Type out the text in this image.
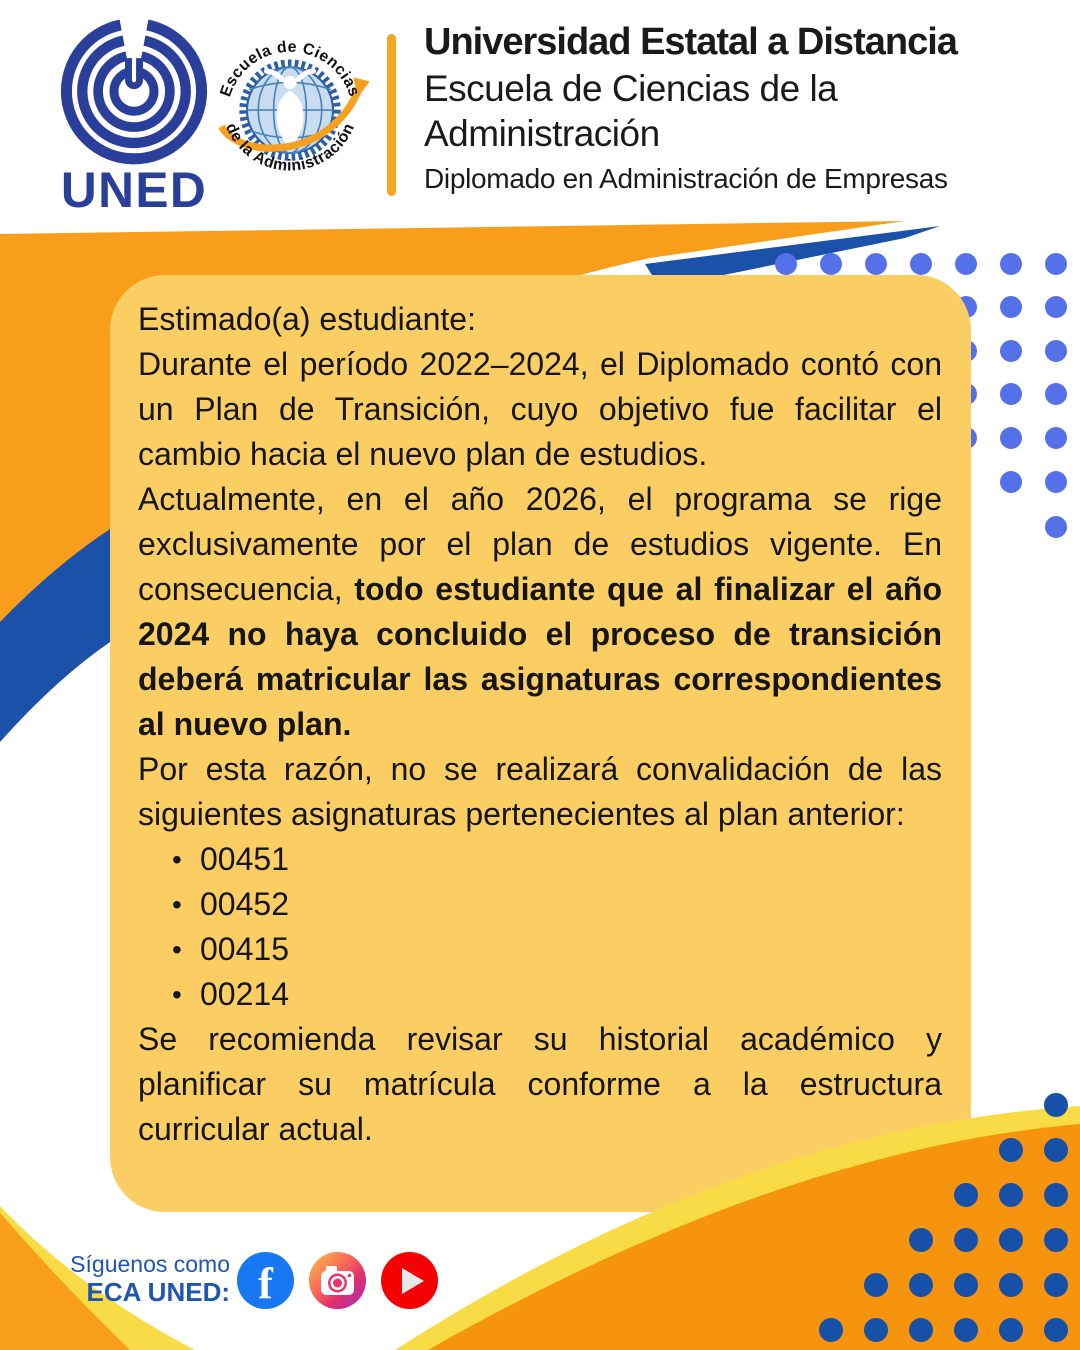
Estimado(a) estudiante:

Durante el período 2022–2024, el Diplomado contó con un Plan de Transición, cuyo objetivo fue facilitar el cambio hacia el nuevo plan de estudios.

Actualmente, en el año 2026, el programa se rige exclusivamente por el plan de estudios vigente. En consecuencia, todo estudiante que al finalizar el año 2024 no haya concluido el proceso de transición deberá matricular las asignaturas correspondientes al nuevo plan.

Por esta razón, no se realizará convalidación de las siguientes asignaturas pertenecientes al plan anterior:

• 00451
• 00452
• 00415
• 00214

Se recomienda revisar su historial académico y planificar su matrícula conforme a la estructura curricular actual.

UNED
Escuela de Ciencias
de la Administración
Universidad Estatal a Distancia
Escuela de Ciencias de la
Administración
Diplomado en Administración de Empresas
Síguenos como
ECA UNED: f
